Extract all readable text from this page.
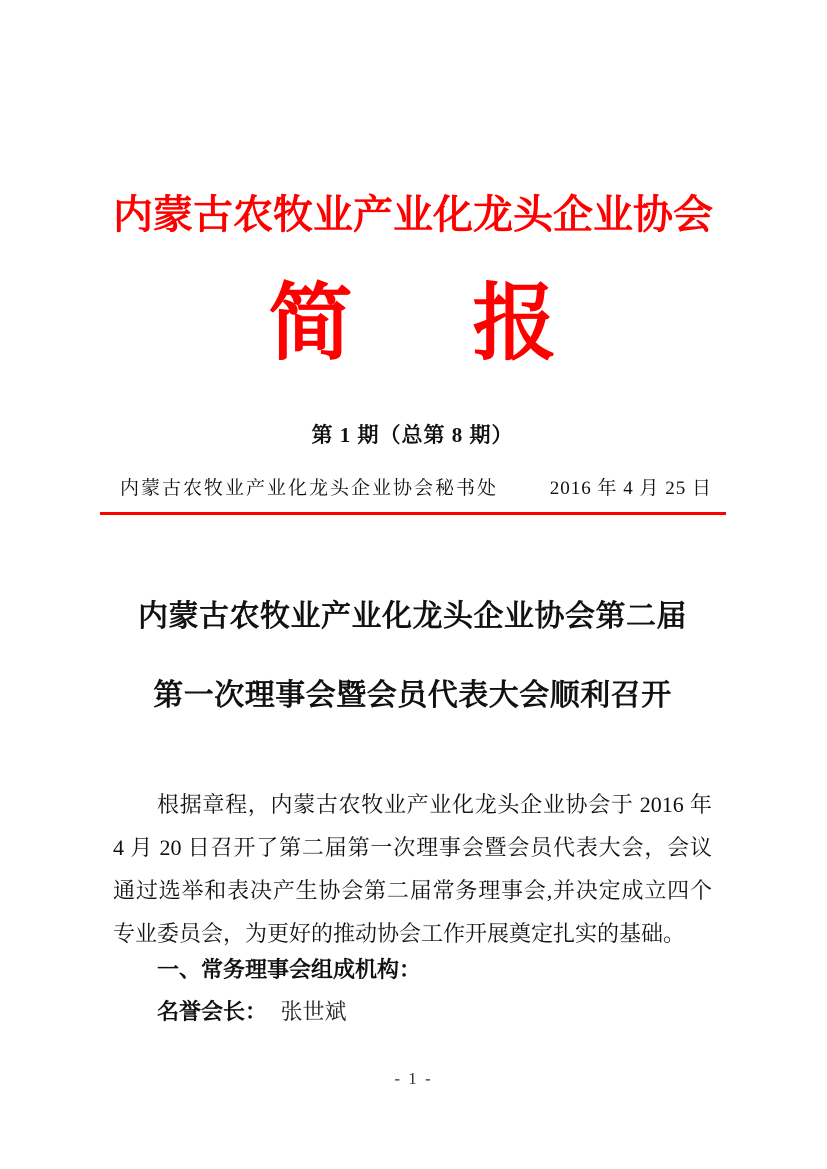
内蒙古农牧业产业化龙头企业协会
简 报
第 1 期（总第 8 期）
内蒙古农牧业产业化龙头企业协会秘书处	2016 年 4 月 25 日
内蒙古农牧业产业化龙头企业协会第二届
第一次理事会暨会员代表大会顺利召开

根据章程，内蒙古农牧业产业化龙头企业协会于 2016 年 4 月 20 日召开了第二届第一次理事会暨会员代表大会，会议通过选举和表决产生协会第二届常务理事会,并决定成立四个专业委员会，为更好的推动协会工作开展奠定扎实的基础。

一、常务理事会组成机构：
名誉会长： 张世斌
- 1 -
